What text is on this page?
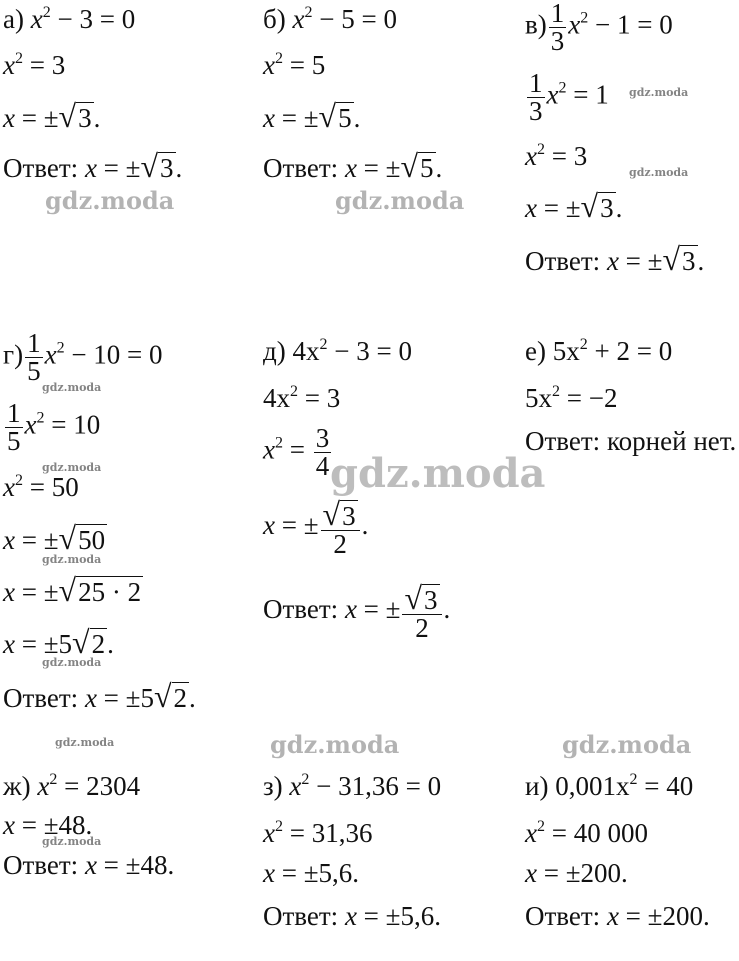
а) $x^2 - 3 = 0$
$x^2 = 3$
x = ±√3.
Ответ: x = ±√3.
б) $x^2 - 5 = 0$
$x^2 = 5$
x = ±√5.
Ответ: x = ±√5.
$в) \frac{1}{3} x^2 - 1 = 0$
$\frac{1}{3} x^2 = 1$
$x^2 = 3$
x = ±√3.
Ответ: x = ±√3.
$г) \frac{1}{5} x^2 - 10 = 0$
$\frac{1}{5} x^2 = 10$
$x^2 = 50$
x = ±√50
x = ±√25 · 2
x = ±5√2.
Ответ: x = ±5√2.
д) $4x^2 - 3 = 0$
$4x^2 = 3$
$x^2 = \frac{3}{4}$
x = ± $\frac{√3}{2}$ .
Ответ: x = ± $\frac{√3}{2}$ .
е) $5x^2 + 2 = 0$
$5x^2 = -2$
Ответ: корней нет.
ж) $x^2 = 2304$
x = ±48.
Ответ: x = ±48.
з) $x^2 - 31,36 = 0$
$x^2 = 31,36$
x = ±5,6.
Ответ: x = ±5,6.
и) $0,001x^2 = 40$
$x^2 = 40$ 000
x = ±200.
Ответ: x = ±200.
gdz.moda	gdz.moda
gdz.moda
gdz.moda
gdz.moda
gdz.moda
gdz.moda
gdz.moda
gdz.moda
gdz.moda	gdz.moda	gdz.moda
gdz.moda
